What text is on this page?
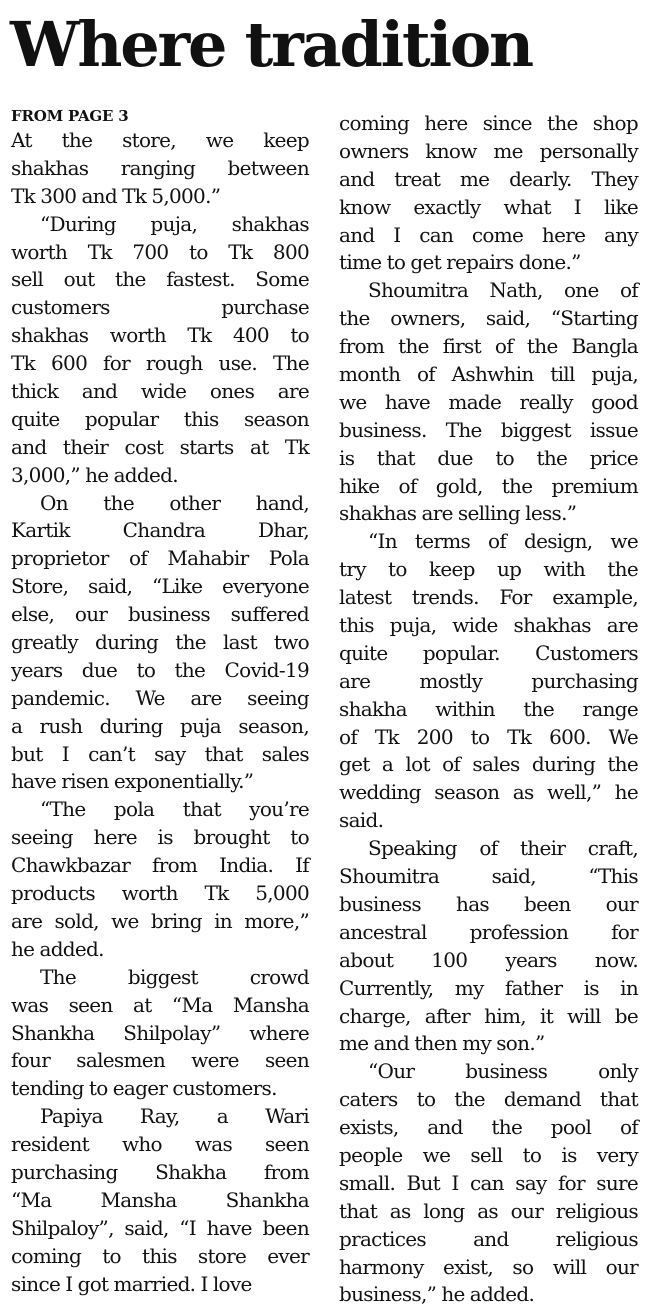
Where tradition
FROM PAGE 3
At the store, we keep
shakhas ranging between
Tk 300 and Tk 5,000.”
“During puja, shakhas
worth Tk 700 to Tk 800
sell out the fastest. Some
customers purchase
shakhas worth Tk 400 to
Tk 600 for rough use. The
thick and wide ones are
quite popular this season
and their cost starts at Tk
3,000,” he added.
On the other hand,
Kartik Chandra Dhar,
proprietor of Mahabir Pola
Store, said, “Like everyone
else, our business suffered
greatly during the last two
years due to the Covid-19
pandemic. We are seeing
a rush during puja season,
but I can’t say that sales
have risen exponentially.”
“The pola that you’re
seeing here is brought to
Chawkbazar from India. If
products worth Tk 5,000
are sold, we bring in more,”
he added.
The biggest crowd
was seen at “Ma Mansha
Shankha Shilpolay” where
four salesmen were seen
tending to eager customers.
Papiya Ray, a Wari
resident who was seen
purchasing Shakha from
“Ma Mansha Shankha
Shilpaloy”, said, “I have been
coming to this store ever
since I got married. I love
coming here since the shop
owners know me personally
and treat me dearly. They
know exactly what I like
and I can come here any
time to get repairs done.”
Shoumitra Nath, one of
the owners, said, “Starting
from the first of the Bangla
month of Ashwhin till puja,
we have made really good
business. The biggest issue
is that due to the price
hike of gold, the premium
shakhas are selling less.”
“In terms of design, we
try to keep up with the
latest trends. For example,
this puja, wide shakhas are
quite popular. Customers
are mostly purchasing
shakha within the range
of Tk 200 to Tk 600. We
get a lot of sales during the
wedding season as well,” he
said.
Speaking of their craft,
Shoumitra said, “This
business has been our
ancestral profession for
about 100 years now.
Currently, my father is in
charge, after him, it will be
me and then my son.”
“Our business only
caters to the demand that
exists, and the pool of
people we sell to is very
small. But I can say for sure
that as long as our religious
practices and religious
harmony exist, so will our
business,” he added.
